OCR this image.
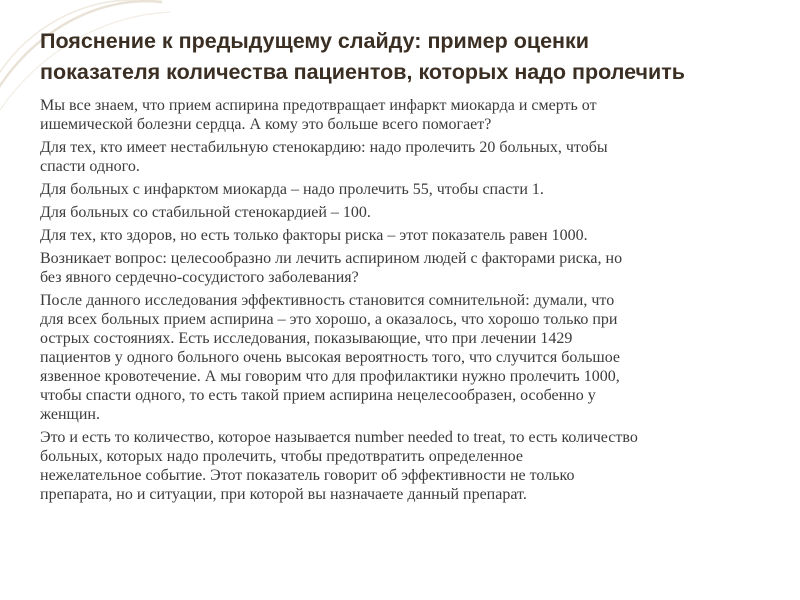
Пояснение к предыдущему слайду: пример оценки
показателя количества пациентов, которых надо пролечить

Мы все знаем, что прием аспирина предотвращает инфаркт миокарда и смерть от
ишемической болезни сердца. А кому это больше всего помогает?

Для тех, кто имеет нестабильную стенокардию: надо пролечить 20 больных, чтобы
спасти одного.

Для больных с инфарктом миокарда – надо пролечить 55, чтобы спасти 1.

Для больных со стабильной стенокардией – 100.

Для тех, кто здоров, но есть только факторы риска – этот показатель равен 1000.

Возникает вопрос: целесообразно ли лечить аспирином людей с факторами риска, но
без явного сердечно-сосудистого заболевания?

После данного исследования эффективность становится сомнительной: думали, что
для всех больных прием аспирина – это хорошо, а оказалось, что хорошо только при
острых состояниях. Есть исследования, показывающие, что при лечении 1429
пациентов у одного больного очень высокая вероятность того, что случится большое
язвенное кровотечение. А мы говорим что для профилактики нужно пролечить 1000,
чтобы спасти одного, то есть такой прием аспирина нецелесообразен, особенно у
женщин.

Это и есть то количество, которое называется number needed to treat, то есть количество
больных, которых надо пролечить, чтобы предотвратить определенное
нежелательное событие. Этот показатель говорит об эффективности не только
препарата, но и ситуации, при которой вы назначаете данный препарат.
